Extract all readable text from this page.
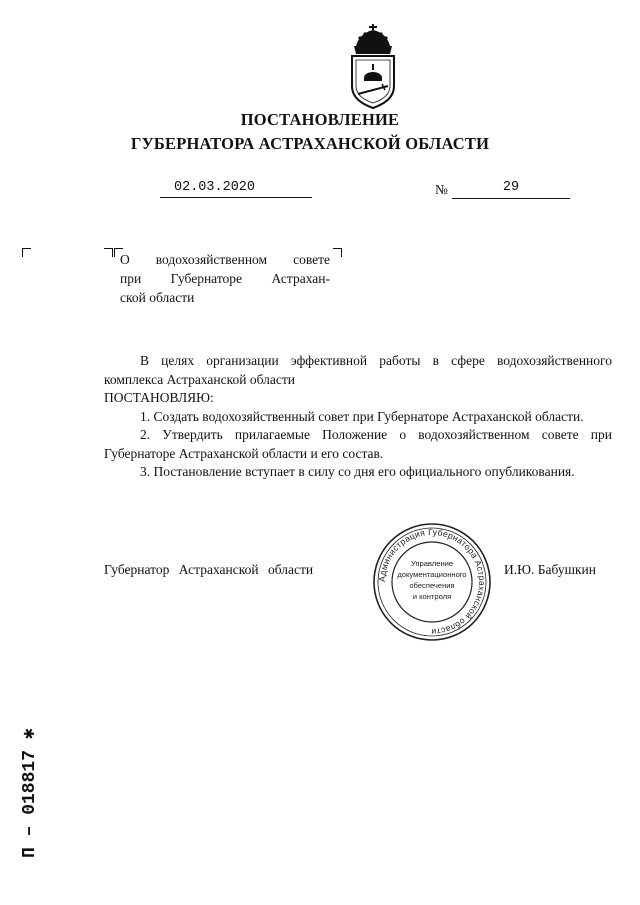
ПОСТАНОВЛЕНИЕ
ГУБЕРНАТОРА АСТРАХАНСКОЙ ОБЛАСТИ
02.03.2020	№	29
О водохозяйственном совете
при Губернаторе Астрахан-
ской области

В целях организации эффективной работы в сфере водохозяйственного комплекса Астраханской области

ПОСТАНОВЛЯЮ:

1. Создать водохозяйственный совет при Губернаторе Астраханской области.

2. Утвердить прилагаемые Положение о водохозяйственном совете при Губернаторе Астраханской области и его состав.

3. Постановление вступает в силу со дня его официального опубликования.

Губернатор Астраханской области
Администрация Губернатора Астраханской области
Управление
документационного
обеспечения
и контроля
И.Ю. Бабушкин
П – 018817 ✱
